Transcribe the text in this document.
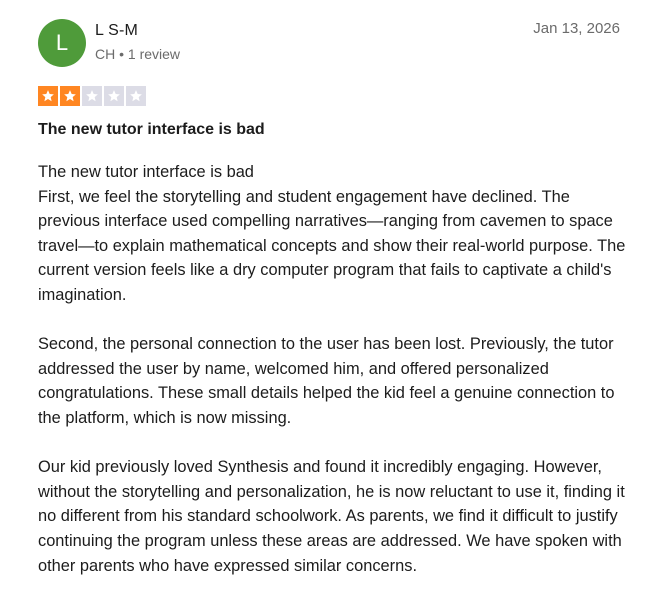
L	L S-M
CH • 1 review
Jan 13, 2026
The new tutor interface is bad

The new tutor interface is bad
First, we feel the storytelling and student engagement have declined. The previous interface used compelling narratives—ranging from cavemen to space travel—to explain mathematical concepts and show their real-world purpose. The current version feels like a dry computer program that fails to captivate a child's imagination.

Second, the personal connection to the user has been lost. Previously, the tutor addressed the user by name, welcomed him, and offered personalized congratulations. These small details helped the kid feel a genuine connection to the platform, which is now missing.

Our kid previously loved Synthesis and found it incredibly engaging. However, without the storytelling and personalization, he is now reluctant to use it, finding it no different from his standard schoolwork. As parents, we find it difficult to justify continuing the program unless these areas are addressed. We have spoken with other parents who have expressed similar concerns.
